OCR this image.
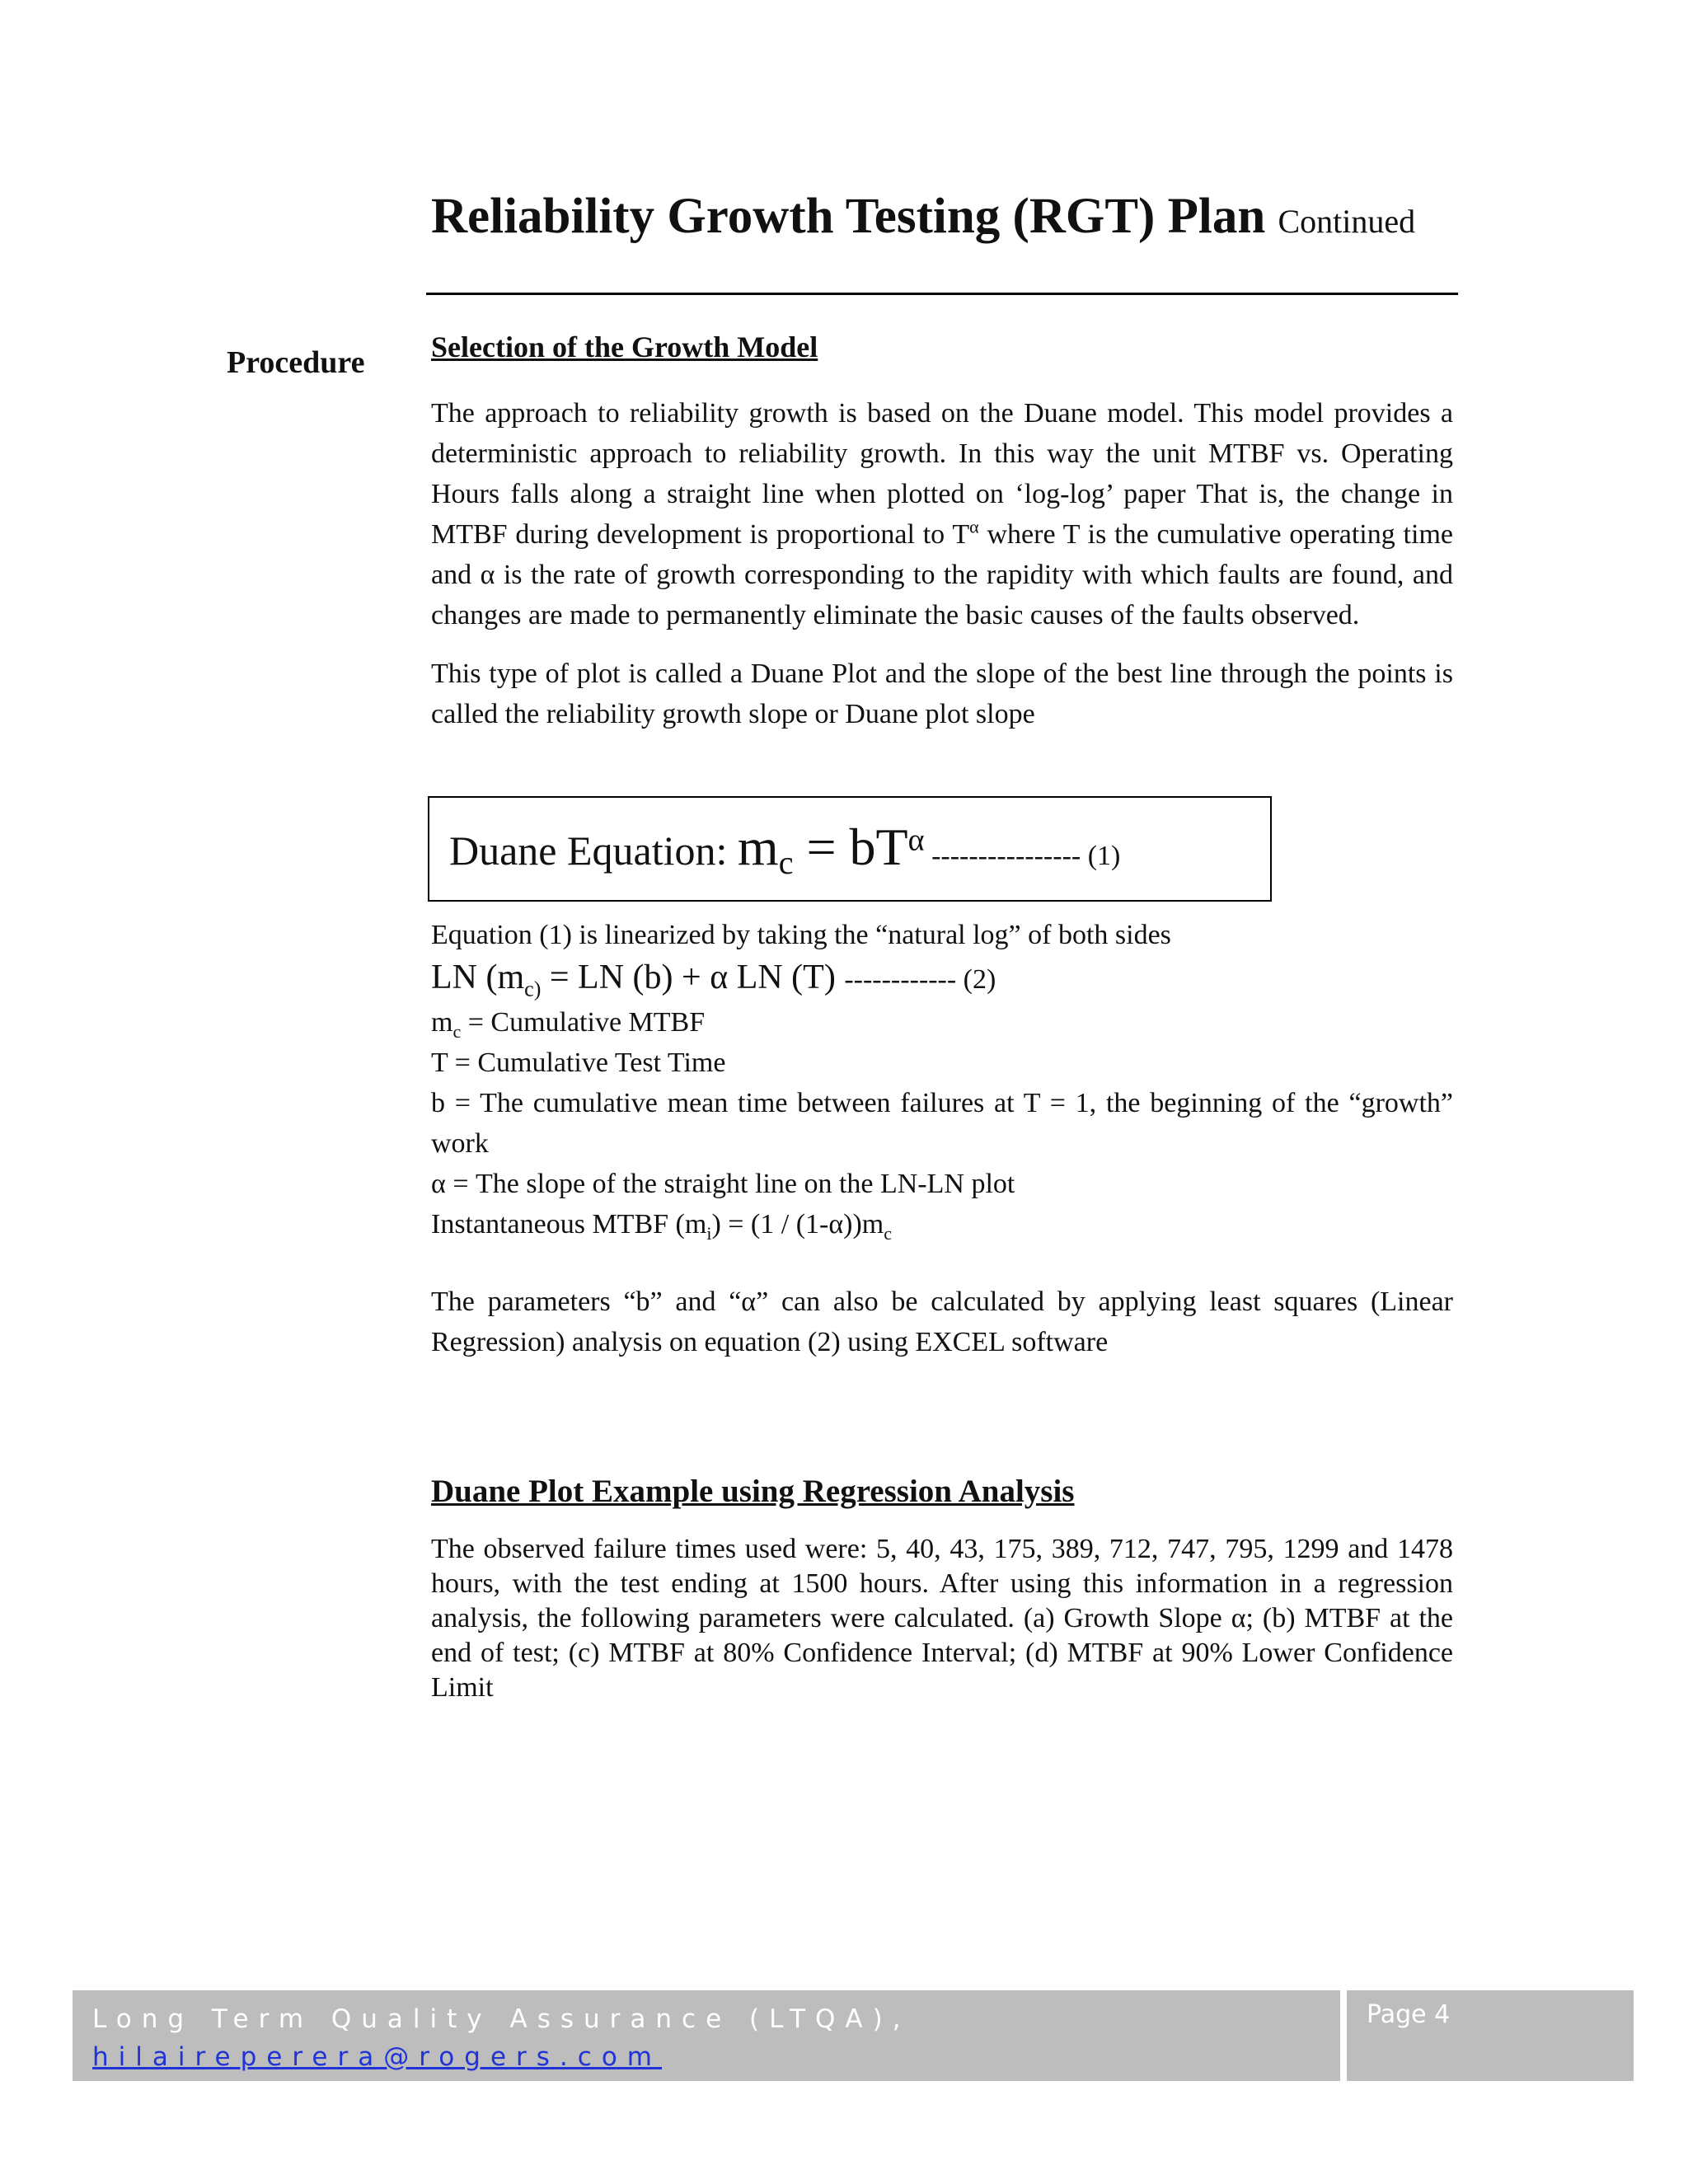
Reliability Growth Testing (RGT) Plan Continued
Procedure Selection of the Growth Model

The approach to reliability growth is based on the Duane model. This model provides a deterministic approach to reliability growth. In this way the unit MTBF vs. Operating Hours falls along a straight line when plotted on ‘log-log’ paper That is, the change in MTBF during development is proportional to $T^\alpha$ where T is the cumulative operating time and α is the rate of growth corresponding to the rapidity with which faults are found, and changes are made to permanently eliminate the basic causes of the faults observed.

This type of plot is called a Duane Plot and the slope of the best line through the points is called the reliability growth slope or Duane plot slope

Duane Equation: $m_c = bT^\alpha$ ---------------- (1)
Equation (1) is linearized by taking the “natural log” of both sides
LN ($m_{c)}$ = LN (b) + α LN (T) ------------ (2)
$m_c$ = Cumulative MTBF
T = Cumulative Test Time
b = The cumulative mean time between failures at T = 1, the beginning of the “growth” work
α = The slope of the straight line on the LN-LN plot
Instantaneous MTBF $(m_i) = (1 / (1-\alpha))m_c$

The parameters “b” and “α” can also be calculated by applying least squares (Linear Regression) analysis on equation (2) using EXCEL software

Duane Plot Example using Regression Analysis

The observed failure times used were: 5, 40, 43, 175, 389, 712, 747, 795, 1299 and 1478 hours, with the test ending at 1500 hours. After using this information in a regression analysis, the following parameters were calculated. (a) Growth Slope α; (b) MTBF at the end of test; (c) MTBF at 80% Confidence Interval; (d) MTBF at 90% Lower Confidence Limit

Long Term Quality Assurance (LTQA),
hilaireperera@rogers.com
Page 4
